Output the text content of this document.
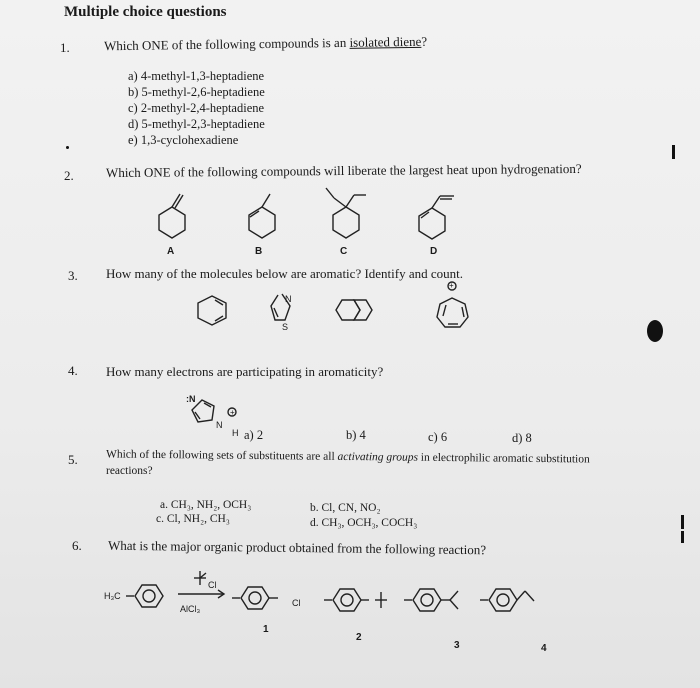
Multiple choice questions
1.	Which ONE of the following compounds is an isolated diene?
a) 4-methyl-1,3-heptadiene
b) 5-methyl-2,6-heptadiene
c) 2-methyl-2,4-heptadiene
d) 5-methyl-2,3-heptadiene
e) 1,3-cyclohexadiene
2. Which ONE of the following compounds will liberate the largest heat upon hydrogenation?
A	B	C	D
3. How many of the molecules below are aromatic? Identify and count.
N
S
+
4. How many electrons are participating in aromaticity?
:N
N
H
+
a) 2	b) 4	c) 6	d) 8
5. Which of the following sets of substituents are all activating groups in electrophilic aromatic substitution
reactions?
a. CH₃, NH₂, OCH₃	b. Cl, CN, NO₂
c. Cl, NH₂, CH₃	d. CH₃, OCH₃, COCH₃
6. What is the major organic product obtained from the following reaction?
H₃C
Cl
AlCl₃
Cl
1
2
3	4
